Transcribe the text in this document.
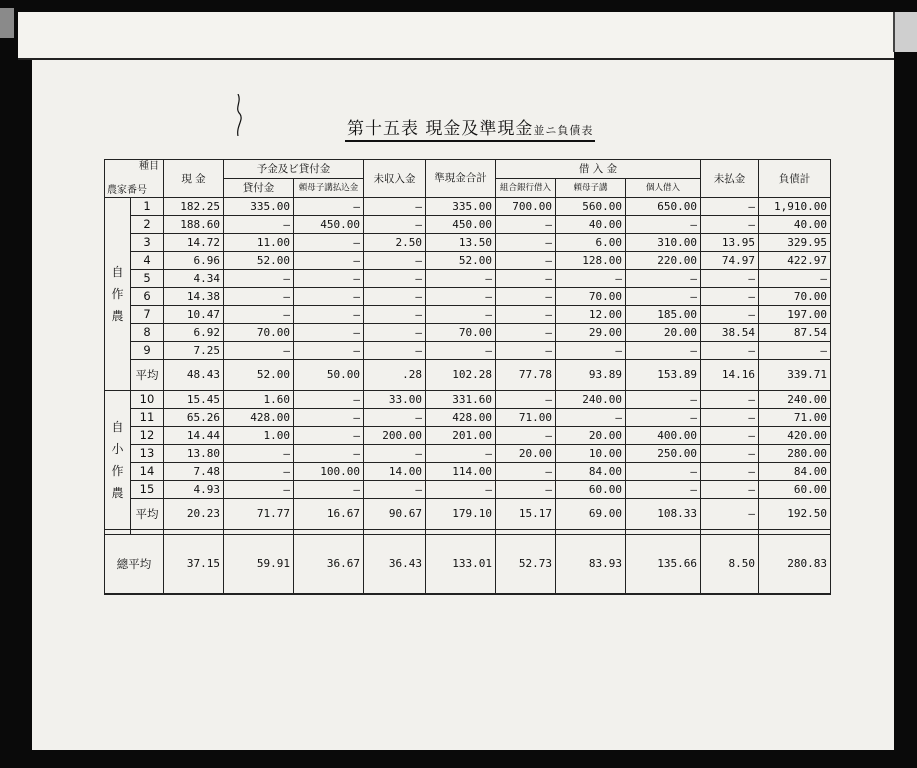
第十五表 現金及準現金並ニ負債表
種目
農家番号		現 金	予金及ビ貸付金		未収入金	準現金合計	借 入 金			未払金	負債計
			貸付金	頼母子講払込金			組合銀行借入	頼母子講	個人借入		

自
作
農	1	182.25	335.00	–	–	335.00	700.00	560.00	650.00	–	1,910.00
	2	188.60	–	450.00	–	450.00	–	40.00	–	–	40.00
	3	14.72	11.00	–	2.50	13.50	–	6.00	310.00	13.95	329.95
	4	6.96	52.00	–	–	52.00	–	128.00	220.00	74.97	422.97
	5	4.34	–	–	–	–	–	–	–	–	–
	6	14.38	–	–	–	–	–	70.00	–	–	70.00
	7	10.47	–	–	–	–	–	12.00	185.00	–	197.00
	8	6.92	70.00	–	–	70.00	–	29.00	20.00	38.54	87.54
	9	7.25	–	–	–	–	–	–	–	–	–
	平均	48.43	52.00	50.00	.28	102.28	77.78	93.89	153.89	14.16	339.71

自
小
作
農	10	15.45	1.60	–	33.00	331.60	–	240.00	–	–	240.00
	11	65.26	428.00	–	–	428.00	71.00	–	–	–	71.00
	12	14.44	1.00	–	200.00	201.00	–	20.00	400.00	–	420.00
	13	13.80	–	–	–	–	20.00	10.00	250.00	–	280.00
	14	7.48	–	100.00	14.00	114.00	–	84.00	–	–	84.00
	15	4.93	–	–	–	–	–	60.00	–	–	60.00
	平均	20.23	71.77	16.67	90.67	179.10	15.17	69.00	108.33	–	192.50

總平均		37.15	59.91	36.67	36.43	133.01	52.73	83.93	135.66	8.50	280.83
